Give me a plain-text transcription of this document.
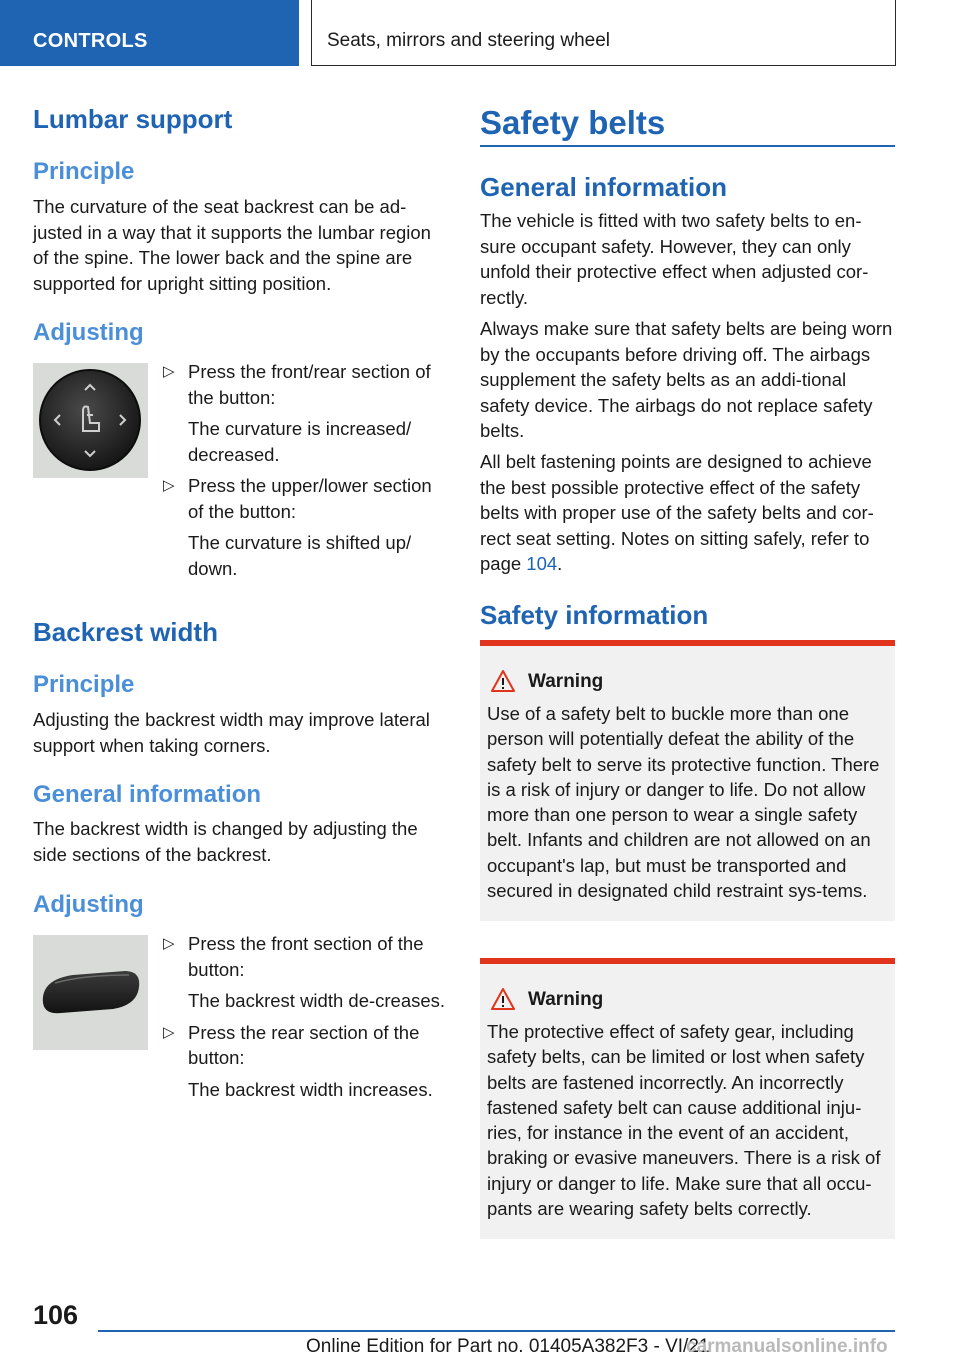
CONTROLS	Seats, mirrors and steering wheel
Lumbar support
Principle

The curvature of the seat backrest can be ad‐justed in a way that it supports the lumbar region of the spine. The lower back and the spine are supported for upright sitting position.

Adjusting
▷ Press the front/rear section of the button:
The curvature is increased/ decreased.
▷ Press the upper/lower section of the button:
The curvature is shifted up/ down.
Backrest width
Principle

Adjusting the backrest width may improve lateral support when taking corners.

General information

The backrest width is changed by adjusting the side sections of the backrest.

Adjusting
▷ Press the front section of the button:
The backrest width de‐creases.
▷ Press the rear section of the button:
The backrest width increases.
Safety belts
General information

The vehicle is fitted with two safety belts to en‐sure occupant safety. However, they can only unfold their protective effect when adjusted cor‐rectly.

Always make sure that safety belts are being worn by the occupants before driving off. The airbags supplement the safety belts as an addi‐tional safety device. The airbags do not replace safety belts.

All belt fastening points are designed to achieve the best possible protective effect of the safety belts with proper use of the safety belts and cor‐rect seat setting. Notes on sitting safely, refer to page 104.

Safety information
Warning

Use of a safety belt to buckle more than one person will potentially defeat the ability of the safety belt to serve its protective function. There is a risk of injury or danger to life. Do not allow more than one person to wear a single safety belt. Infants and children are not allowed on an occupant's lap, but must be transported and secured in designated child restraint sys‐tems.

Warning

The protective effect of safety gear, including safety belts, can be limited or lost when safety belts are fastened incorrectly. An incorrectly fastened safety belt can cause additional inju‐ries, for instance in the event of an accident, braking or evasive maneuvers. There is a risk of injury or danger to life. Make sure that all occu‐pants are wearing safety belts correctly.

106
Online Edition for Part no. 01405A382F3 - VI/21
carmanualsonline.info
